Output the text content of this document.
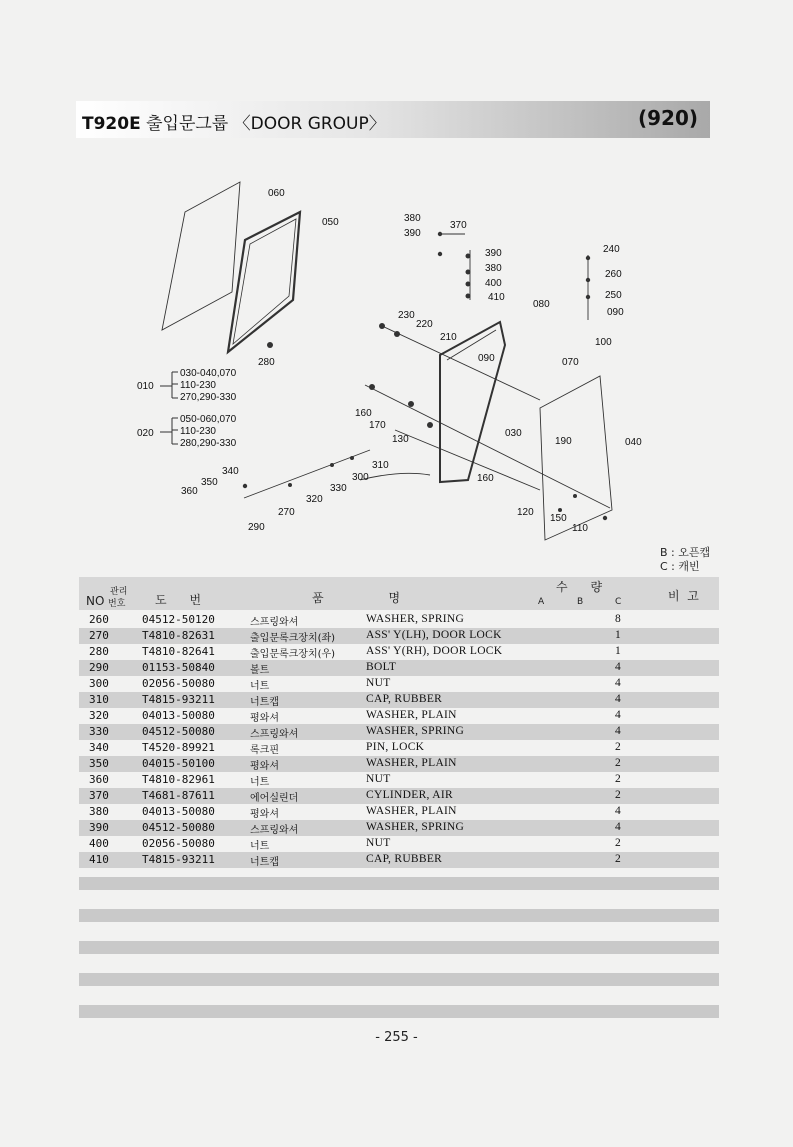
T920E 출입문그룹 〈DOOR GROUP〉	(920)
060
050	380
390
370
390
380
400
410
240
260
250
090
080
230
220
210	100
090	070
280
160
170
130
030
190	040
340
310
300
350
360	330
320
160
270
290
120
150
110
010
030-040,070
110-230
270,290-330
020
050-060,070
110-230
280,290-330
B : 오픈캡
C : 캐빈
NO
관리
번호 도      번	품                 명
수      량
A	B	C	비  고
260	04512-50120	스프링와셔	WASHER, SPRING	8
270	T4810-82631	출입문록크장치(좌)	ASS' Y(LH), DOOR LOCK	1
280	T4810-82641	출입문록크장치(우)	ASS' Y(RH), DOOR LOCK	1
290	01153-50840	볼트	BOLT	4
300	02056-50080	너트	NUT	4
310	T4815-93211	너트캡	CAP, RUBBER	4
320	04013-50080	평와셔	WASHER, PLAIN	4
330	04512-50080	스프링와셔	WASHER, SPRING	4
340	T4520-89921	록크핀	PIN, LOCK	2
350	04015-50100	평와셔	WASHER, PLAIN	2
360	T4810-82961	너트	NUT	2
370	T4681-87611	에어실린더	CYLINDER, AIR	2
380	04013-50080	평와셔	WASHER, PLAIN	4
390	04512-50080	스프링와셔	WASHER, SPRING	4
400	02056-50080	너트	NUT	2
410	T4815-93211	너트캡	CAP, RUBBER	2
- 255 -
